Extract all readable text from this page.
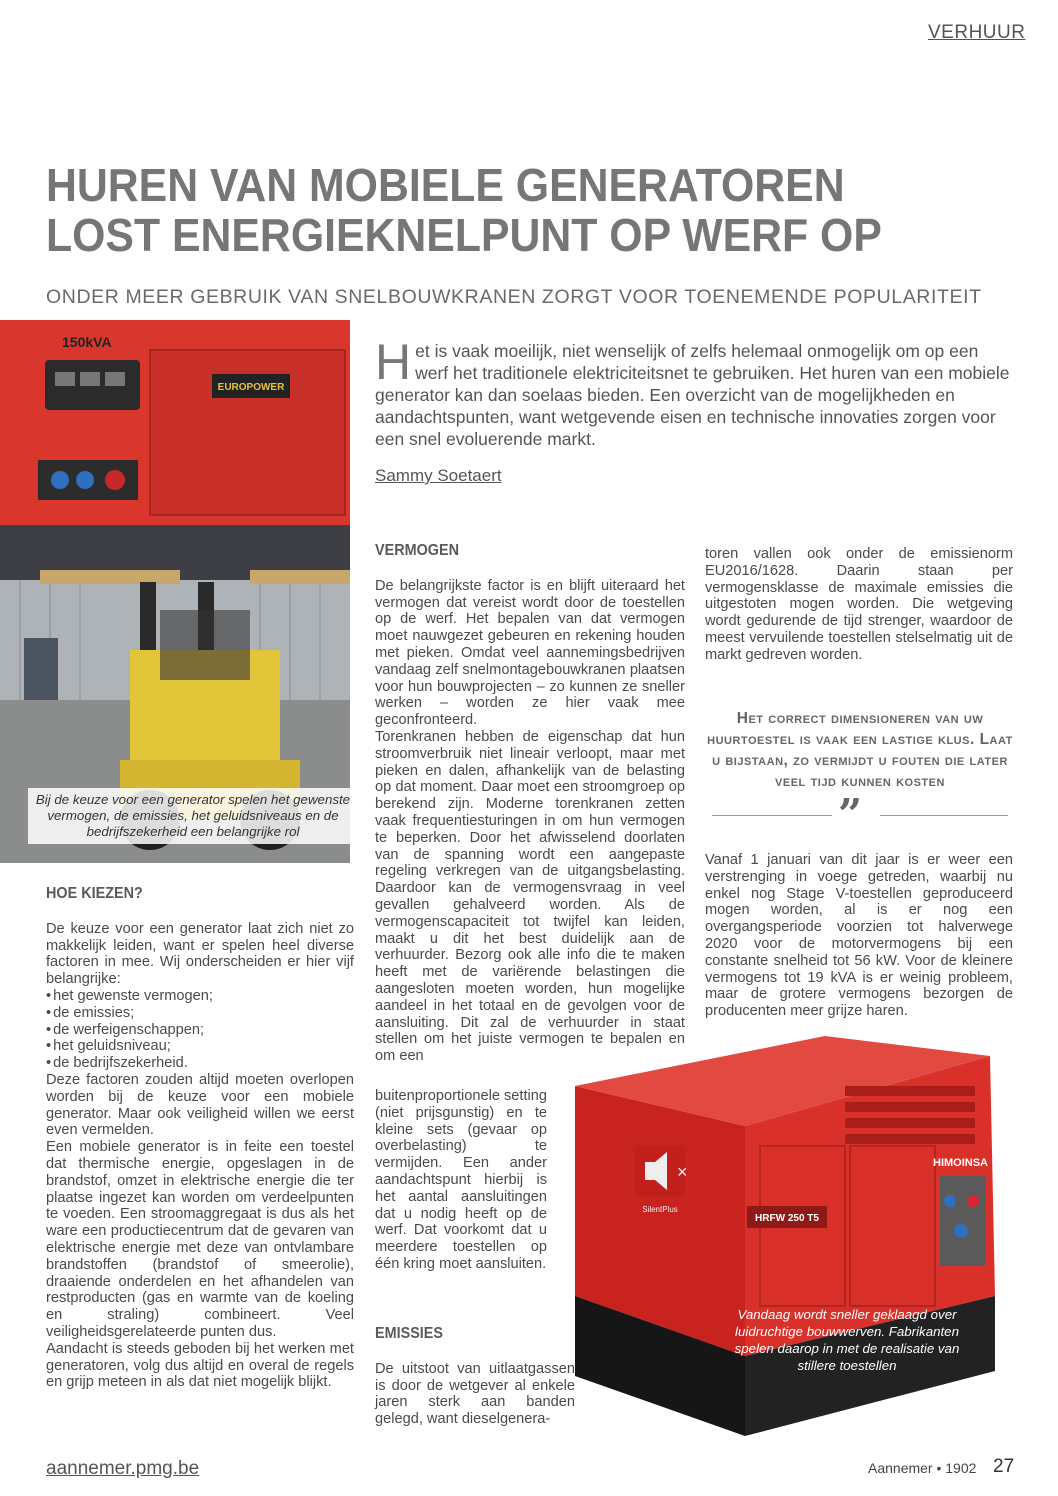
VERHUUR
HUREN VAN MOBIELE GENERATOREN
LOST ENERGIEKNELPUNT OP WERF OP
ONDER MEER GEBRUIK VAN SNELBOUWKRANEN ZORGT VOOR TOENEMENDE POPULARITEIT
EUROPOWER
150kVA
Bij de keuze voor een generator spelen het gewenste vermogen, de emissies, het geluidsniveaus en de bedrijfszekerheid een belangrijke rol
Het is vaak moeilijk, niet wenselijk of zelfs helemaal onmogelijk om op een werf het traditionele elektriciteitsnet te gebruiken. Het huren van een mobiele generator kan dan soelaas bieden. Een overzicht van de mogelijkheden en aandachtspunten, want wetgevende eisen en technische innovaties zorgen voor een snel evoluerende markt.
Sammy Soetaert
HOE KIEZEN?

De keuze voor een generator laat zich niet zo makkelijk leiden, want er spelen heel diverse factoren in mee. Wij onderscheiden er hier vijf belangrijke:

• het gewenste vermogen;
• de emissies;
• de werfeigenschappen;
• het geluidsniveau;
• de bedrijfszekerheid.

Deze factoren zouden altijd moeten overlopen worden bij de keuze voor een mobiele generator. Maar ook veiligheid willen we eerst even vermelden.

Een mobiele generator is in feite een toestel dat thermische energie, opgeslagen in de brandstof, omzet in elektrische energie die ter plaatse ingezet kan worden om verdeelpunten te voeden. Een stroomaggregaat is dus als het ware een productiecentrum dat de gevaren van elektrische energie met deze van ontvlambare brandstoffen (brandstof of smeerolie), draaiende onderdelen en het afhandelen van restproducten (gas en warmte van de koeling en straling) combineert. Veel veiligheidsgerelateerde punten dus.

Aandacht is steeds geboden bij het werken met generatoren, volg dus altijd en overal de regels en grijp meteen in als dat niet mogelijk blijkt.

VERMOGEN

De belangrijkste factor is en blijft uiteraard het vermogen dat vereist wordt door de toestellen op de werf. Het bepalen van dat vermogen moet nauwgezet gebeuren en rekening houden met pieken. Omdat veel aannemingsbedrijven vandaag zelf snelmontagebouwkranen plaatsen voor hun bouwprojecten – zo kunnen ze sneller werken – worden ze hier vaak mee geconfronteerd.

Torenkranen hebben de eigenschap dat hun stroomverbruik niet lineair verloopt, maar met pieken en dalen, afhankelijk van de belasting op dat moment. Daar moet een stroomgroep op berekend zijn. Moderne torenkranen zetten vaak frequentiesturingen in om hun vermogen te beperken. Door het afwisselend doorlaten van de spanning wordt een aangepaste regeling verkregen van de uitgangsbelasting. Daardoor kan de vermogensvraag in veel gevallen gehalveerd worden. Als de vermogenscapaciteit tot twijfel kan leiden, maakt u dit het best duidelijk aan de verhuurder. Bezorg ook alle info die te maken heeft met de variërende belastingen die aangesloten moeten worden, hun mogelijke aandeel in het totaal en de gevolgen voor de aansluiting. Dit zal de verhuurder in staat stellen om het juiste vermogen te bepalen en om een

buitenproportionele setting (niet prijsgunstig) en te kleine sets (gevaar op overbelasting) te vermijden. Een ander aandachtspunt hierbij is het aantal aansluitingen dat u nodig heeft op de werf. Dat voorkomt dat u meerdere toestellen op één kring moet aansluiten.

EMISSIES

De uitstoot van uitlaatgassen is door de wetgever al enkele jaren sterk aan banden gelegd, want dieselgenera-

toren vallen ook onder de emissienorm EU2016/1628. Daarin staan per vermogensklasse de maximale emissies die uitgestoten mogen worden. Die wetgeving wordt gedurende de tijd strenger, waardoor de meest vervuilende toestellen stelselmatig uit de markt gedreven worden.

Het correct dimensioneren van uw huurtoestel is vaak een lastige klus. Laat u bijstaan, zo vermijdt u fouten die later veel tijd kunnen kosten
”

Vanaf 1 januari van dit jaar is er weer een verstrenging in voege getreden, waarbij nu enkel nog Stage V-toestellen geproduceerd mogen worden, al is er nog een overgangsperiode voorzien tot halverwege 2020 voor de motorvermogens bij een constante snelheid tot 56 kW. Voor de kleinere vermogens tot 19 kVA is er weinig probleem, maar de grotere vermogens bezorgen de producenten meer grijze haren.

×
SilentPlus
HIMOINSA
HRFW 250 T5
Vandaag wordt sneller geklaagd over luidruchtige bouwwerven. Fabrikanten spelen daarop in met de realisatie van stillere toestellen
aannemer.pmg.be	Aannemer • 1902 27
